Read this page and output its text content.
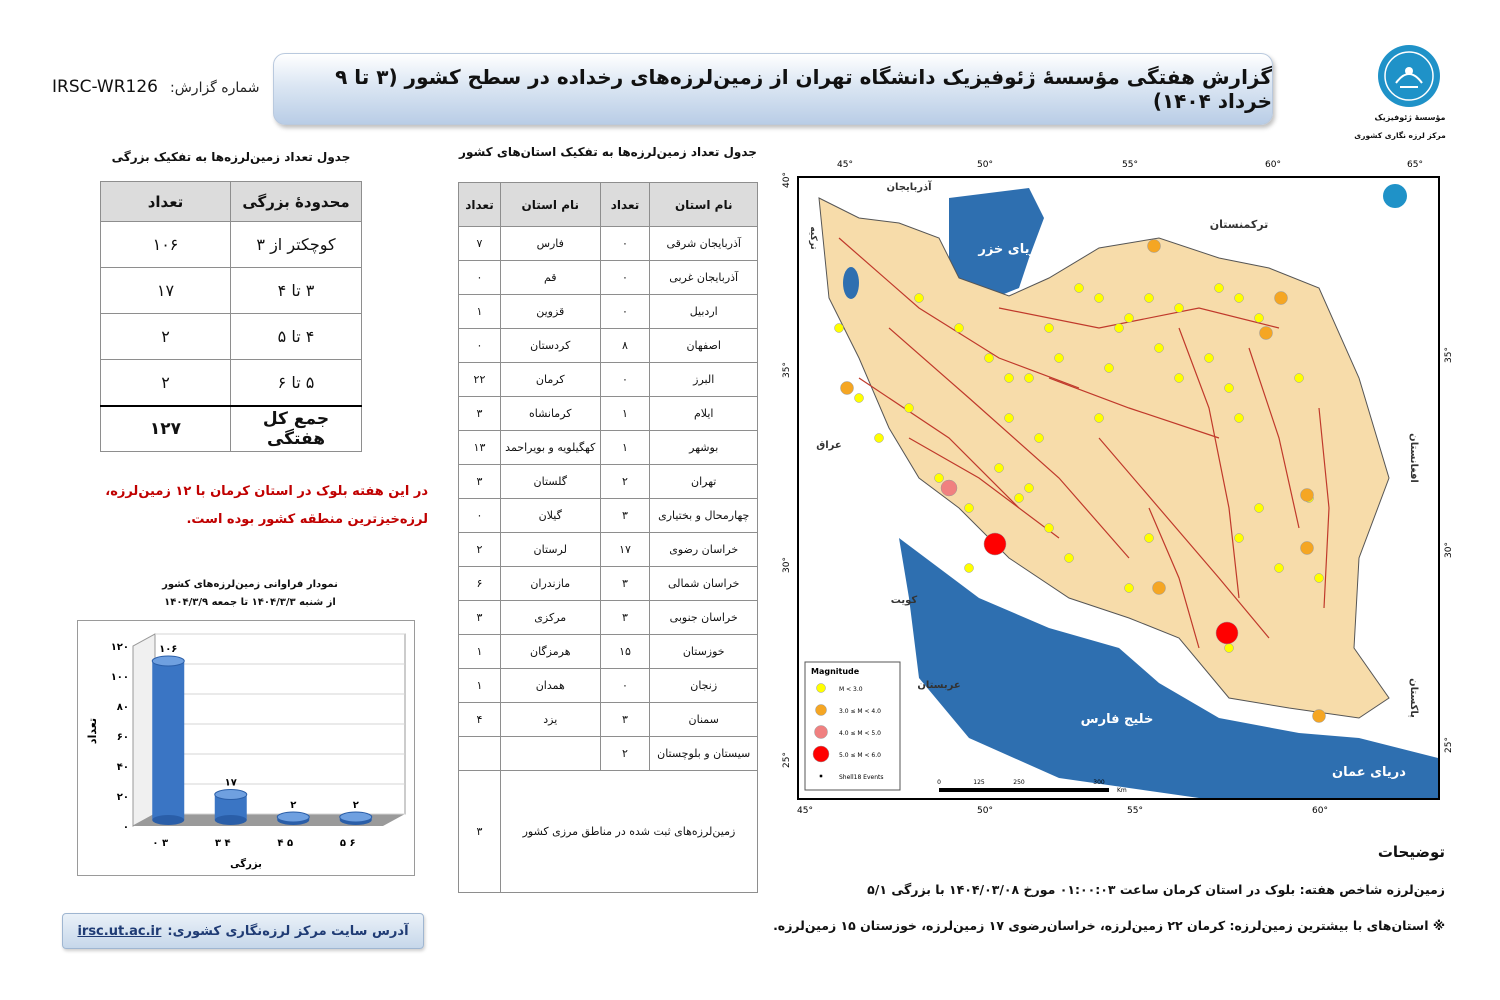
گزارش هفتگی مؤسسهٔ ژئوفیزیک دانشگاه تهران از زمین‌لرزه‌های رخداده در سطح کشور (۳ تا ۹ خرداد ۱۴۰۴)
شماره گزارش:
IRSC-WR126
مؤسسهٔ ژئوفیزیک
مرکز لرزه نگاری کشوری
جدول تعداد زمین‌لرزه‌ها به تفکیک بزرگی
محدودهٔ بزرگی	تعداد
کوچکتر از ۳	۱۰۶
۳ تا ۴	۱۷
۴ تا ۵	۲
۵ تا ۶	۲
جمع کل هفتگی	۱۲۷
در این هفته بلوک در استان کرمان با ۱۲ زمین‌لرزه، لرزه‌خیزترین منطقه کشور بوده است.
نمودار فراوانی زمین‌لرزه‌های کشور
از شنبه ۱۴۰۴/۳/۳ تا جمعه ۱۴۰۴/۳/۹
۰
۲۰
۴۰
۶۰
۸۰
۱۰۰
۱۲۰	۱۰۶
۰ ۳
۱۷
۳ ۴
۲
۴ ۵
۲
۵ ۶
تعداد
بزرگی
آدرس سایت مرکز لرزه‌نگاری کشوری:
irsc.ut.ac.ir
جدول تعداد زمین‌لرزه‌ها به تفکیک استان‌های کشور
نام استان	تعداد	نام استان	تعداد
آذربایجان شرقی	۰	فارس	۷
آذربایجان غربی	۰	قم	۰
اردبیل	۰	قزوین	۱
اصفهان	۸	کردستان	۰
البرز	۰	کرمان	۲۲
ایلام	۱	کرمانشاه	۳
بوشهر	۱	کهگیلویه و بویراحمد	۱۳
تهران	۲	گلستان	۳
چهارمحال و بختیاری	۳	گیلان	۰
خراسان رضوی	۱۷	لرستان	۲
خراسان شمالی	۳	مازندران	۶
خراسان جنوبی	۳	مرکزی	۳
خوزستان	۱۵	هرمزگان	۱
زنجان	۰	همدان	۱
سمنان	۳	یزد	۴
سیستان و بلوچستان	۲		
زمین‌لرزه‌های ثبت شده در مناطق مرزی کشور			۳
45°	50°	55°	60°	65°
45°	50°	55°	60°
25°
30°
35°
40°
25°
30°
35°
دریای خزر
خلیج فارس
دریای عمان
ترکمنستان
آذربایجان
عراق
کویت
عربستان
افغانستان
پاکستان
ترکیه
Magnitude
M < 3.0
3.0 ≤ M < 4.0
4.0 ≤ M < 5.0
5.0 ≤ M < 6.0
Shell18 Events
0	125	250	300
Km
توضیحات
زمین‌لرزه شاخص هفته: بلوک در استان کرمان ساعت ۰۱:۰۰:۰۳ مورخ ۱۴۰۴/۰۳/۰۸ با بزرگی ۵/۱
※ استان‌های با بیشترین زمین‌لرزه: کرمان ۲۲ زمین‌لرزه، خراسان‌رضوی ۱۷ زمین‌لرزه، خوزستان ۱۵ زمین‌لرزه.
